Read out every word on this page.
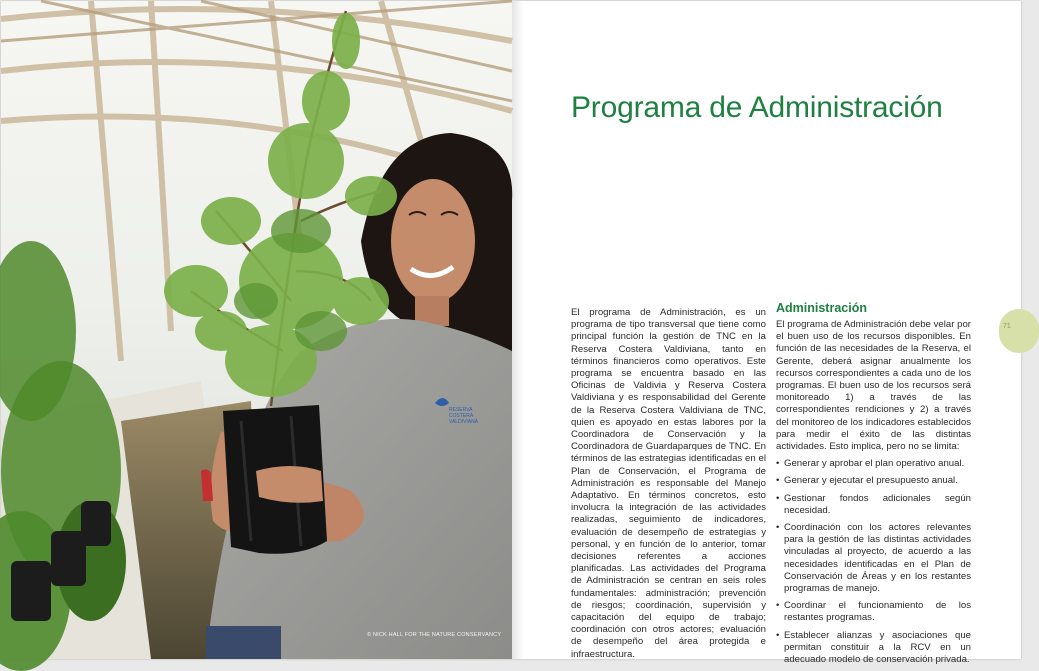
RESERVA
COSTERA
VALDIVIANA
© NICK HALL FOR THE NATURE CONSERVANCY
Programa de Administración

El programa de Administración, es un programa de tipo transversal que tiene como principal función la gestión de TNC en la Reserva Costera Valdiviana, tanto en términos financieros como operativos. Este programa se encuentra basado en las Oficinas de Valdivia y Reserva Costera Valdiviana y es responsabilidad del Gerente de la Reserva Costera Valdiviana de TNC, quien es apoyado en estas labores por la Coordinadora de Conservación y la Coordinadora de Guardaparques de TNC. En términos de las estrategias identificadas en el Plan de Conservación, el Programa de Administración es responsable del Manejo Adaptativo. En términos concretos, esto involucra la integración de las actividades realizadas, seguimiento de indicadores, evaluación de desempeño de estrategias y personal, y en función de lo anterior, tomar decisiones referentes a acciones planificadas. Las actividades del Programa de Administración se centran en seis roles fundamentales: administración; prevención de riesgos; coordinación, supervisión y capacitación del equipo de trabajo; coordinación con otros actores; evaluación de desempeño del área protegida e infraestructura.

Administración

El programa de Administración debe velar por el buen uso de los recursos disponibles. En función de las necesidades de la Reserva, el Gerente, deberá asignar anualmente los recursos correspondientes a cada uno de los programas. El buen uso de los recursos será monitoreado 1) a través de las correspondientes rendiciones y 2) a través del monitoreo de los indicadores establecidos para medir el éxito de las distintas actividades. Esto implica, pero no se limita:

• Generar y aprobar el plan operativo anual.
• Generar y ejecutar el presupuesto anual.
• Gestionar fondos adicionales según necesidad.
• Coordinación con los actores relevantes para la gestión de las distintas actividades vinculadas al proyecto, de acuerdo a las necesidades identificadas en el Plan de Conservación de Áreas y en los restantes programas de manejo.
• Coordinar el funcionamiento de los restantes programas.
• Establecer alianzas y asociaciones que permitan constituir a la RCV en un adecuado modelo de conservación privada.
71
